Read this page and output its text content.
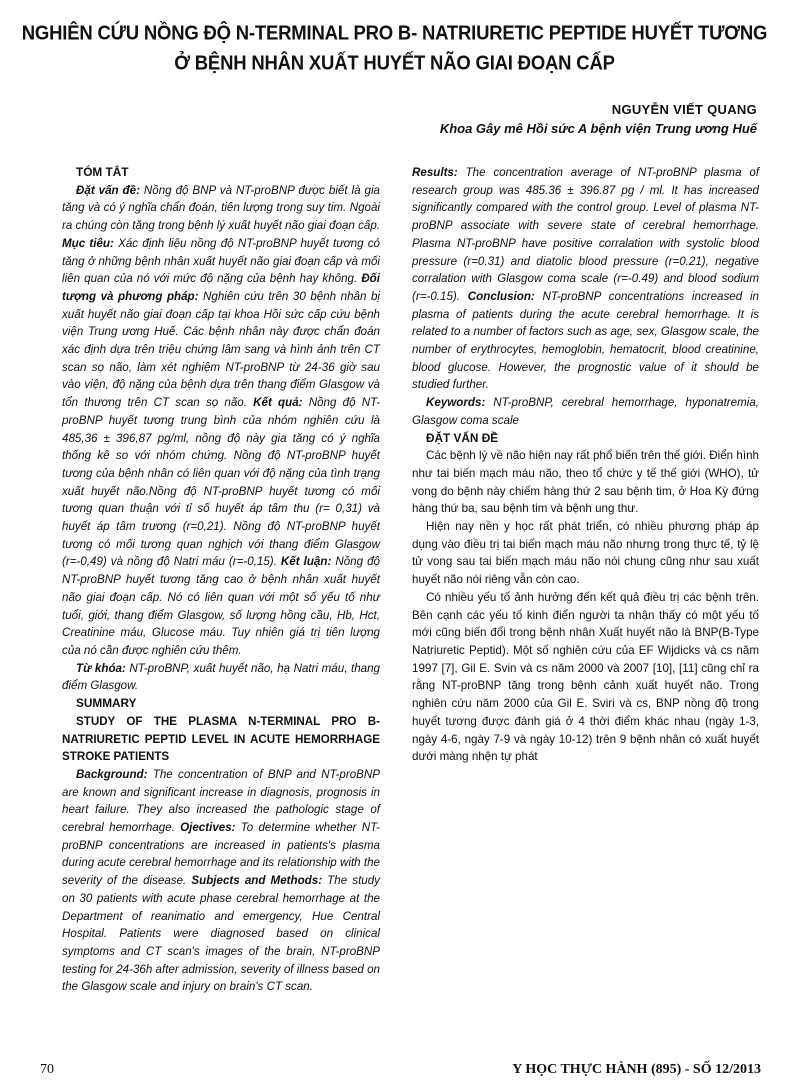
NGHIÊN CỨU NỒNG ĐỘ N-TERMINAL PRO B- NATRIURETIC PEPTIDE HUYẾT TƯƠNG
Ở BỆNH NHÂN XUẤT HUYẾT NÃO GIAI ĐOẠN CẤP
NGUYỄN VIẾT QUANG
Khoa Gây mê Hồi sức A bệnh viện Trung ương Huế
TÓM TẮT

Đặt vấn đề: Nồng độ BNP và NT-proBNP được biết là gia tăng và có ý nghĩa chẩn đoán, tiên lượng trong suy tim. Ngoài ra chúng còn tăng trong bệnh lý xuất huyết não giai đoạn cấp. Mục tiêu: Xác định liệu nồng độ NT-proBNP huyết tương có tăng ở những bệnh nhân xuất huyết não giai đoạn cấp và mối liên quan của nó với mức độ nặng của bệnh hay không. Đối tượng và phương pháp: Nghiên cứu trên 30 bệnh nhân bị xuất huyết não giai đoạn cấp tại khoa Hồi sức cấp cứu bệnh viện Trung ương Huế. Các bệnh nhân này được chẩn đoán xác định dựa trên triệu chứng lâm sang và hình ảnh trên CT scan sọ não, làm xét nghiệm NT-proBNP từ 24-36 giờ sau vào viện, độ nặng của bệnh dựa trên thang điểm Glasgow và tổn thương trên CT scan sọ não. Kết quả: Nồng độ NT-proBNP huyết tương trung bình của nhóm nghiên cứu là 485,36 ± 396,87 pg/ml, nồng độ này gia tăng có ý nghĩa thống kê so với nhóm chứng. Nồng độ NT-proBNP huyết tương của bệnh nhân có liên quan với độ nặng của tình trạng xuất huyết não.Nồng độ NT-proBNP huyết tương có mối tương quan thuận với tỉ số huyết áp tâm thu (r= 0,31) và huyết áp tâm trương (r=0,21). Nồng độ NT-proBNP huyết tương có mối tương quan nghịch với thang điểm Glasgow (r=-0,49) và nồng độ Natri máu (r=-0,15). Kết luận: Nồng độ NT-proBNP huyết tương tăng cao ở bệnh nhân xuất huyết não giai đoạn cấp. Nó có liên quan với một số yếu tố như tuổi, giới, thang điểm Glasgow, số lượng hồng cầu, Hb, Hct, Creatinine máu, Glucose máu. Tuy nhiên giá trị tiên lượng của nó cần được nghiên cứu thêm.

Từ khóa: NT-proBNP, xuất huyết não, hạ Natri máu, thang điểm Glasgow.

SUMMARY

STUDY OF THE PLASMA N-TERMINAL PRO B-NATRIURETIC PEPTID LEVEL IN ACUTE HEMORRHAGE STROKE PATIENTS

Background: The concentration of BNP and NT-proBNP are known and significant increase in diagnosis, prognosis in heart failure. They also increased the pathologic stage of cerebral hemorrhage. Ojectives: To determine whether NT-proBNP concentrations are increased in patients's plasma during acute cerebral hemorrhage and its relationship with the severity of the disease. Subjects and Methods: The study on 30 patients with acute phase cerebral hemorrhage at the Department of reanimatio and emergency, Hue Central Hospital. Patients were diagnosed based on clinical symptoms and CT scan's images of the brain, NT-proBNP testing for 24-36h after admission, severity of illness based on the Glasgow scale and injury on brain's CT scan.

Results: The concentration average of NT-proBNP plasma of research group was 485.36 ± 396.87 pg / ml. It has increased significantly compared with the control group. Level of plasma NT-proBNP associate with severe state of cerebral hemorrhage. Plasma NT-proBNP have positive corralation with systolic blood pressure (r=0.31) and diatolic blood pressure (r=0.21), negative corralation with Glasgow coma scale (r=-0.49) and blood sodium (r=-0.15). Conclusion: NT-proBNP concentrations increased in plasma of patients during the acute cerebral hemorrhage. It is related to a number of factors such as age, sex, Glasgow scale, the number of erythrocytes, hemoglobin, hematocrit, blood creatinine, blood glucose. However, the prognostic value of it should be studied further.

Keywords: NT-proBNP, cerebral hemorrhage, hyponatremia, Glasgow coma scale

ĐẶT VẤN ĐỀ

Các bệnh lý về não hiện nay rất phổ biến trên thế giới. Điển hình như tai biến mạch máu não, theo tổ chức y tế thế giới (WHO), tử vong do bệnh này chiếm hàng thứ 2 sau bệnh tim, ở Hoa Kỳ đứng hàng thứ ba, sau bệnh tim và bệnh ung thư.

Hiện nay nền y học rất phát triển, có nhiều phương pháp áp dụng vào điều trị tai biến mạch máu não nhưng trong thực tế, tỷ lệ tử vong sau tai biến mạch máu não nói chung cũng như sau xuất huyết não nói riêng vẫn còn cao.

Có nhiều yếu tố ảnh hưởng đến kết quả điều trị các bệnh trên. Bên cạnh các yếu tố kinh điển người ta nhận thấy có một yếu tố mới cũng biến đổi trong bệnh nhân Xuất huyết não là BNP(B-Type Natriuretic Peptid). Một số nghiên cứu của EF Wijdicks và cs năm 1997 [7], Gil E. Svin và cs năm 2000 và 2007 [10], [11] cũng chỉ ra rằng NT-proBNP tăng trong bệnh cảnh xuất huyết não. Trong nghiên cứu năm 2000 của Gil E. Sviri và cs, BNP nồng độ trong huyết tương được đánh giá ở 4 thời điểm khác nhau (ngày 1-3, ngày 4-6, ngày 7-9 và ngày 10-12) trên 9 bệnh nhân có xuất huyết dưới màng nhện tự phát

70	Y HỌC THỰC HÀNH (895) - SỐ 12/2013
